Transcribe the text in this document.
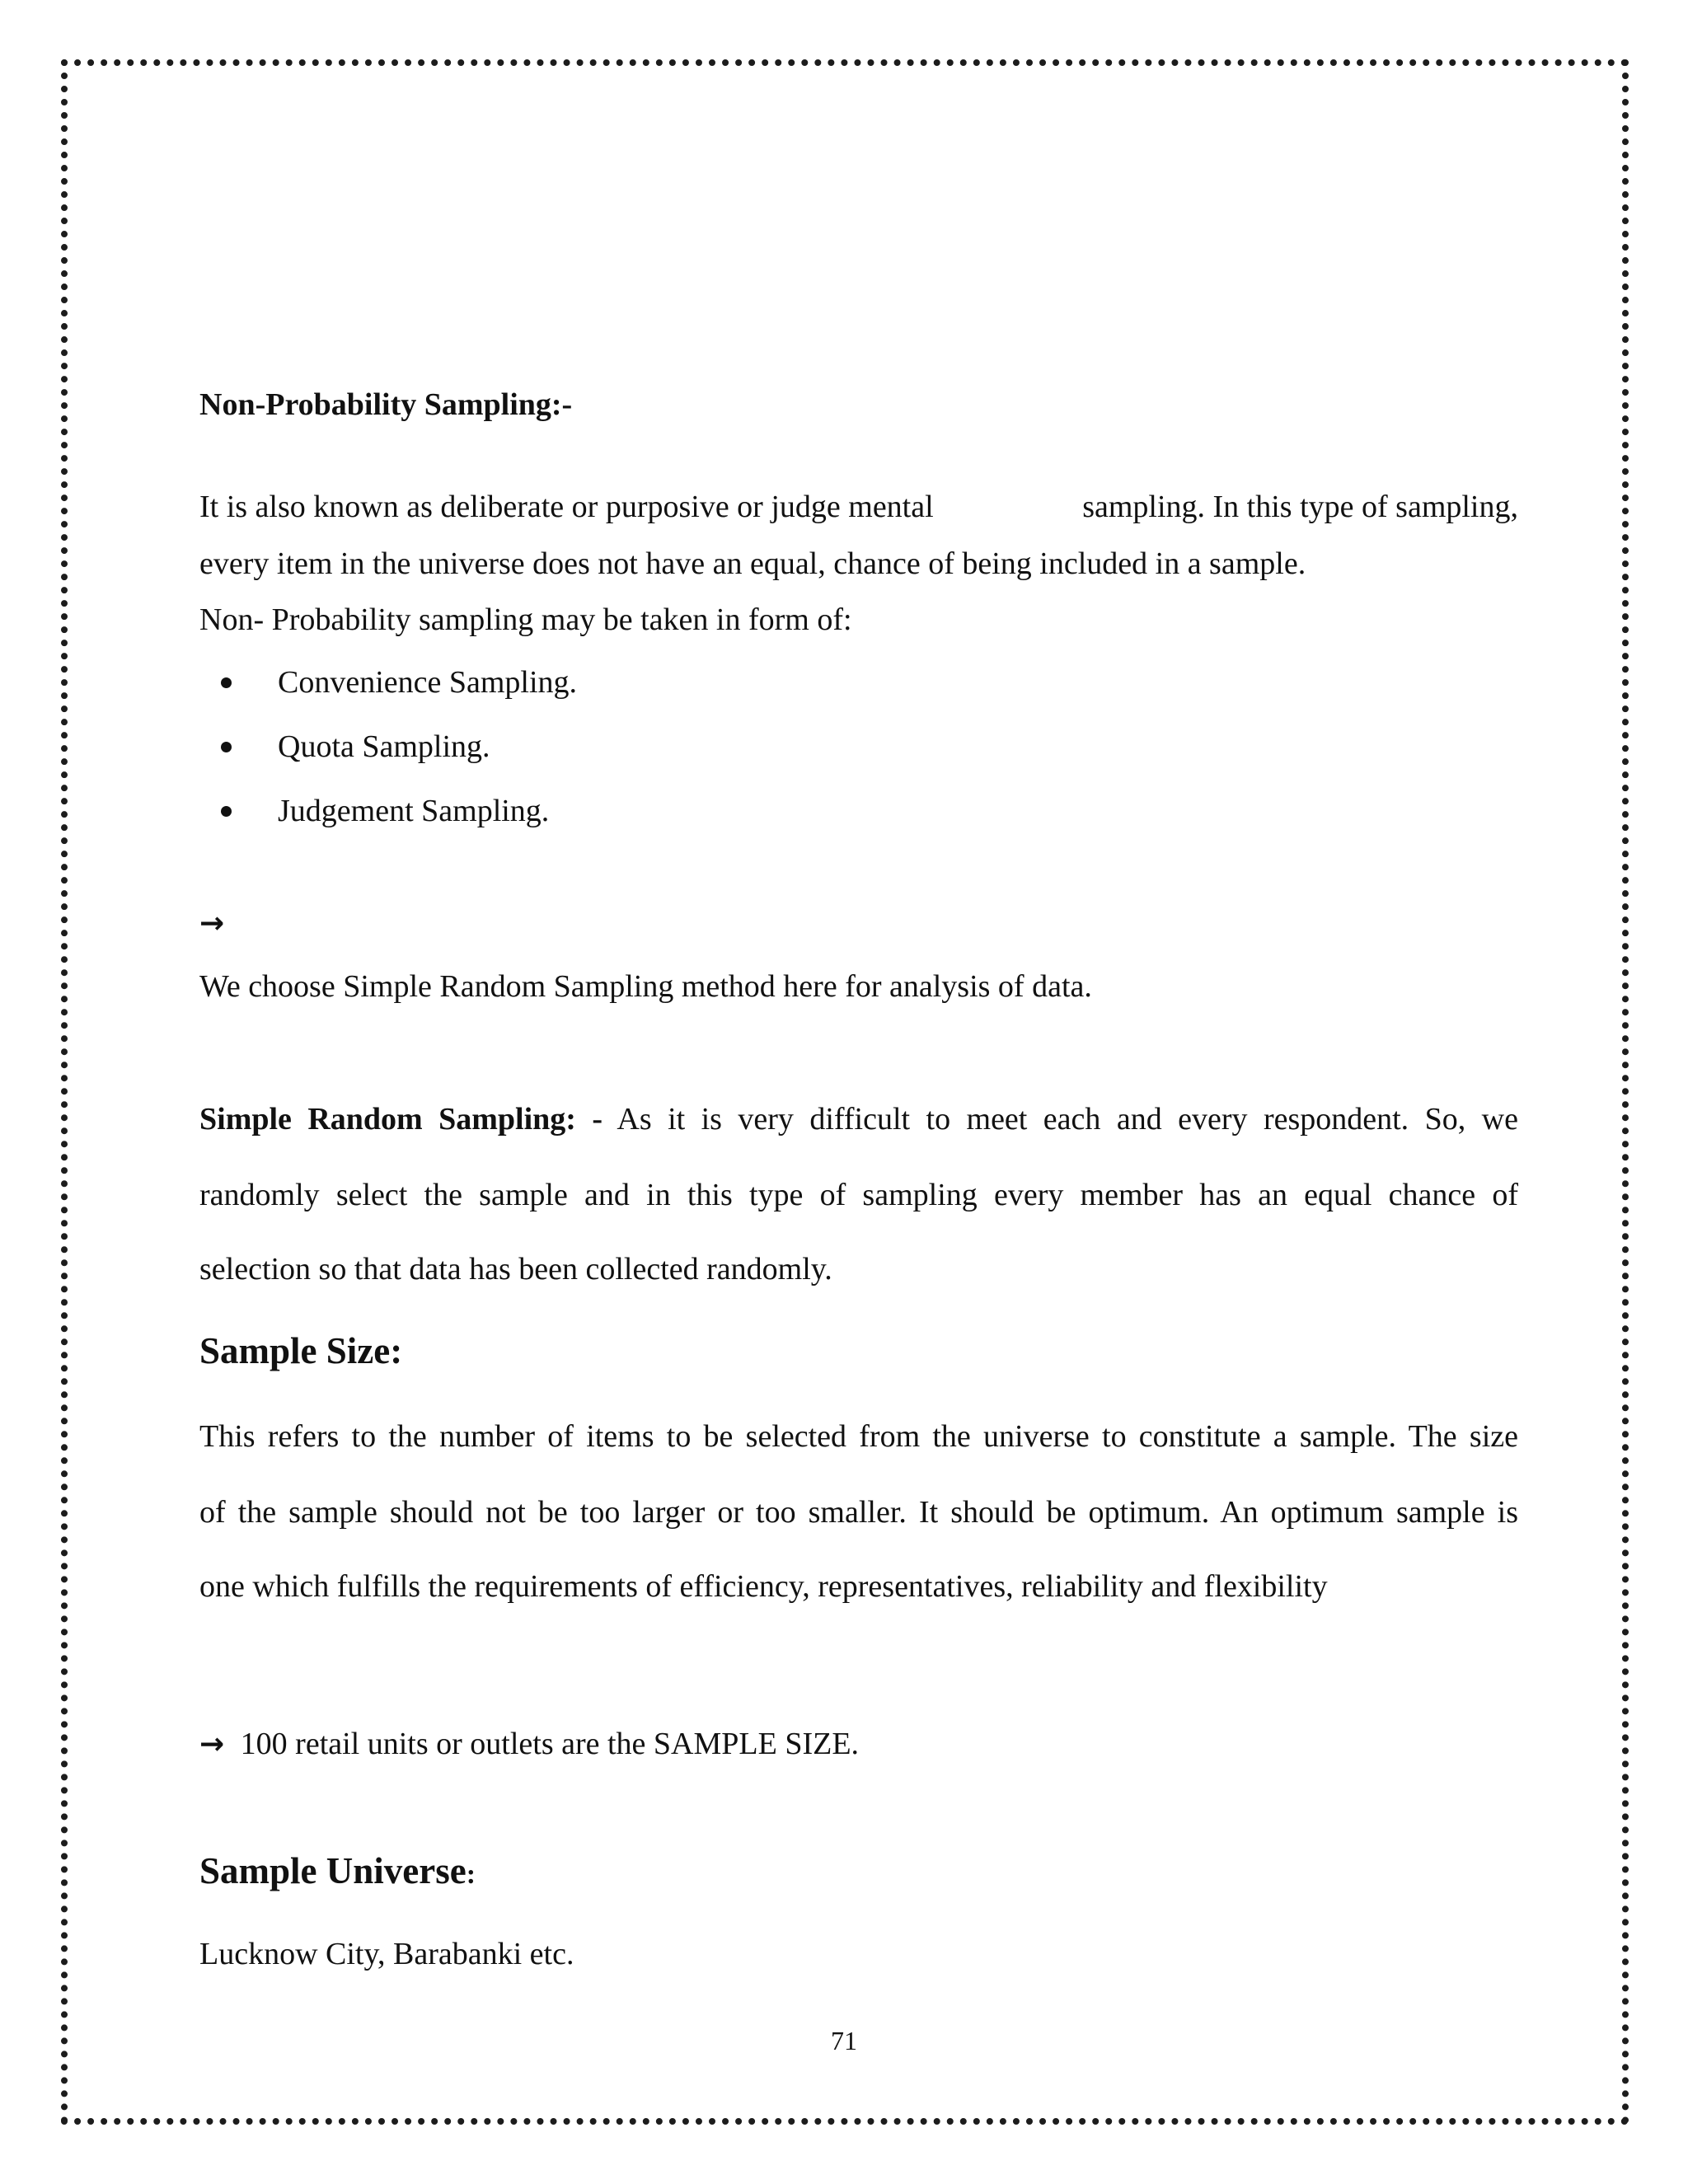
Non-Probability Sampling:-

It is also known as deliberate or purposive or judge mental	sampling. In this type of sampling,

every item in the universe does not have an equal, chance of being included in a sample.

Non- Probability sampling may be taken in form of:

Convenience Sampling.
Quota Sampling.
Judgement Sampling.
→

We choose Simple Random Sampling method here for analysis of data.

Simple Random Sampling: - As it is very difficult to meet each and every respondent. So, we

randomly select the sample and in this type of sampling every member has an equal chance of

selection so that data has been collected randomly.

Sample Size:

This refers to the number of items to be selected from the universe to constitute a sample. The size

of the sample should not be too larger or too smaller. It should be optimum. An optimum sample is

one which fulfills the requirements of efficiency, representatives, reliability and flexibility

→ 100 retail units or outlets are the SAMPLE SIZE.
Sample Universe:

Lucknow City, Barabanki etc.

71
